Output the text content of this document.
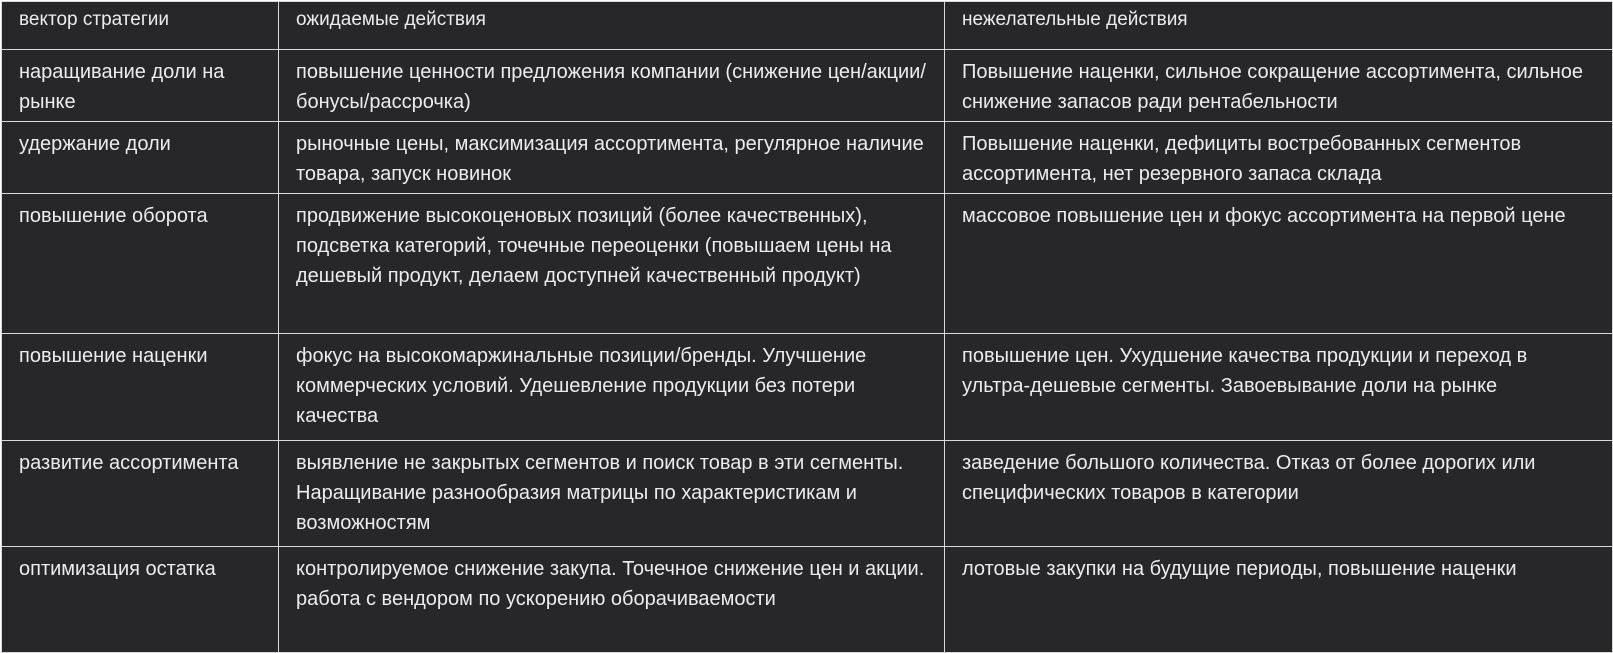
вектор стратегии	ожидаемые действия	нежелательные действия
наращивание доли на рынке	повышение ценности предложения компании (снижение цен/акции/бонусы/рассрочка)	Повышение наценки, сильное сокращение ассортимента, сильное снижение запасов ради рентабельности
удержание доли	рыночные цены, максимизация ассортимента, регулярное наличие товара, запуск новинок	Повышение наценки, дефициты востребованных сегментов ассортимента, нет резервного запаса склада
повышение оборота	продвижение высокоценовых позиций (более качественных), подсветка категорий, точечные переоценки (повышаем цены на дешевый продукт, делаем доступней качественный продукт)	массовое повышение цен и фокус ассортимента на первой цене
повышение наценки	фокус на высокомаржинальные позиции/бренды. Улучшение коммерческих условий. Удешевление продукции без потери качества	повышение цен. Ухудшение качества продукции и переход в ультра-дешевые сегменты. Завоевывание доли на рынке
развитие ассортимента	выявление не закрытых сегментов и поиск товар в эти сегменты. Наращивание разнообразия матрицы по характеристикам и возможностям	заведение большого количества. Отказ от более дорогих или специфических товаров в категории
оптимизация остатка	контролируемое снижение закупа. Точечное снижение цен и акции. работа с вендором по ускорению оборачиваемости	лотовые закупки на будущие периоды, повышение наценки
